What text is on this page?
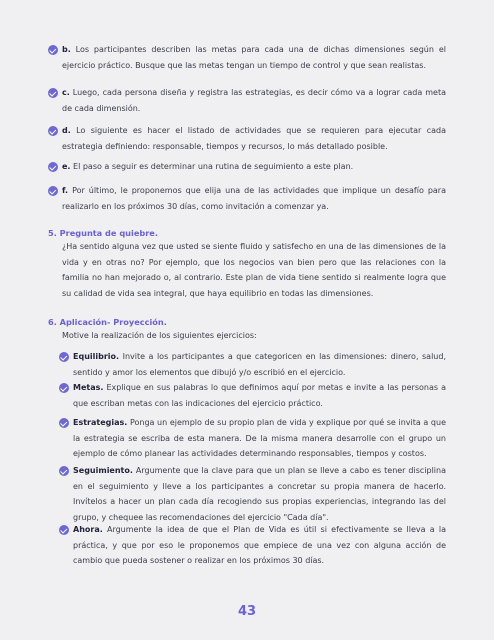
b. Los participantes describen las metas para cada una de dichas dimensiones según el ejercicio práctico. Busque que las metas tengan un tiempo de control y que sean realistas.
c. Luego, cada persona diseña y registra las estrategias, es decir cómo va a lograr cada meta de cada dimensión.
d. Lo siguiente es hacer el listado de actividades que se requieren para ejecutar cada estrategia definiendo: responsable, tiempos y recursos, lo más detallado posible.
e. El paso a seguir es determinar una rutina de seguimiento a este plan.
f. Por último, le proponemos que elija una de las actividades que implique un desafío para realizarlo en los próximos 30 días, como invitación a comenzar ya.
5. Pregunta de quiebre.
¿Ha sentido alguna vez que usted se siente fluido y satisfecho en una de las dimensiones de la vida y en otras no? Por ejemplo, que los negocios van bien pero que las relaciones con la familia no han mejorado o, al contrario. Este plan de vida tiene sentido si realmente logra que su calidad de vida sea integral, que haya equilibrio en todas las dimensiones.
6. Aplicación- Proyección.
Motive la realización de los siguientes ejercicios:
Equilibrio. Invite a los participantes a que categoricen en las dimensiones: dinero, salud, sentido y amor los elementos que dibujó y/o escribió en el ejercicio.
Metas. Explique en sus palabras lo que definimos aquí por metas e invite a las personas a que escriban metas con las indicaciones del ejercicio práctico.
Estrategias. Ponga un ejemplo de su propio plan de vida y explique por qué se invita a que la estrategia se escriba de esta manera. De la misma manera desarrolle con el grupo un ejemplo de cómo planear las actividades determinando responsables, tiempos y costos.
Seguimiento. Argumente que la clave para que un plan se lleve a cabo es tener disciplina en el seguimiento y lleve a los participantes a concretar su propia manera de hacerlo. Invítelos a hacer un plan cada día recogiendo sus propias experiencias, integrando las del grupo, y chequee las recomendaciones del ejercicio "Cada día".
Ahora. Argumente la idea de que el Plan de Vida es útil si efectivamente se lleva a la práctica, y que por eso le proponemos que empiece de una vez con alguna acción de cambio que pueda sostener o realizar en los próximos 30 días.
43
